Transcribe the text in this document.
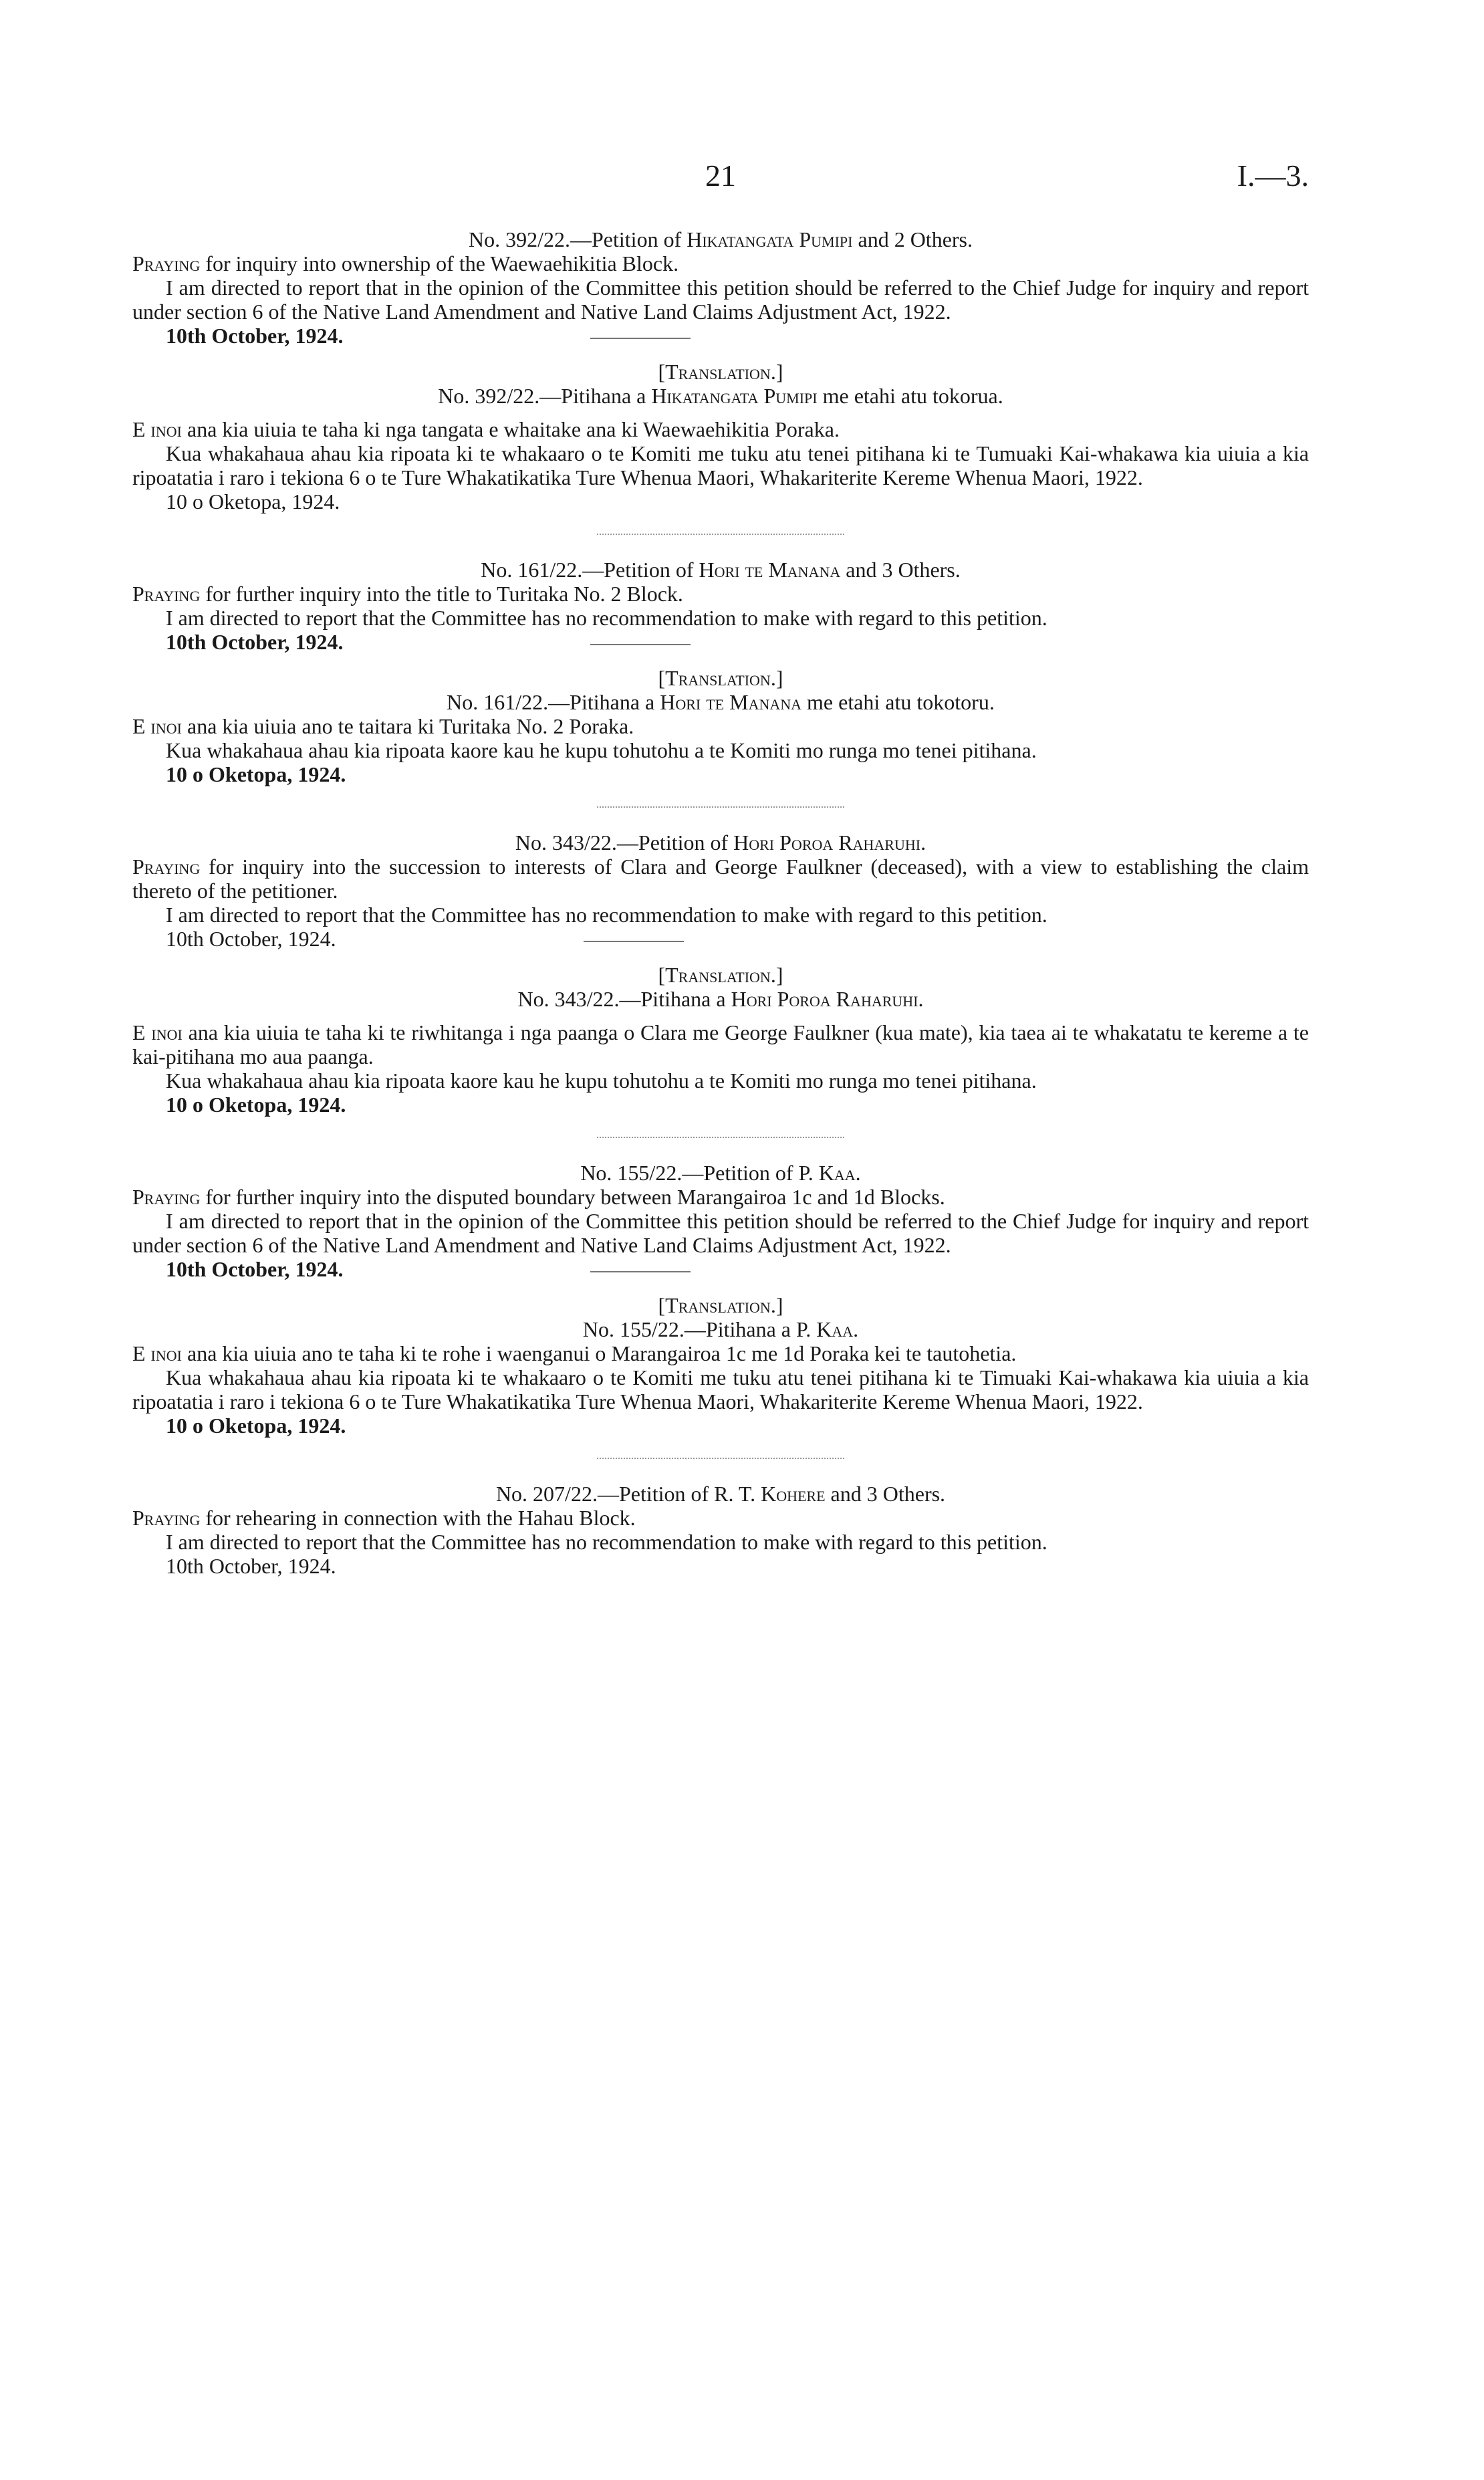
21	I.—3.

No. 392/22.—Petition of Hikatangata Pumipi and 2 Others.

Praying for inquiry into ownership of the Waewaehikitia Block.

I am directed to report that in the opinion of the Committee this petition should be referred to the Chief Judge for inquiry and report under section 6 of the Native Land Amendment and Native Land Claims Adjustment Act, 1922.

10th October, 1924.

[Translation.]

No. 392/22.—Pitihana a Hikatangata Pumipi me etahi atu tokorua.

E inoi ana kia uiuia te taha ki nga tangata e whaitake ana ki Waewaehikitia Poraka.

Kua whakahaua ahau kia ripoata ki te whakaaro o te Komiti me tuku atu tenei pitihana ki te Tumuaki Kai-whakawa kia uiuia a kia ripoatatia i raro i tekiona 6 o te Ture Whakatikatika Ture Whenua Maori, Whakariterite Kereme Whenua Maori, 1922.

10 o Oketopa, 1924.

No. 161/22.—Petition of Hori te Manana and 3 Others.

Praying for further inquiry into the title to Turitaka No. 2 Block.

I am directed to report that the Committee has no recommendation to make with regard to this petition.

10th October, 1924.

[Translation.]

No. 161/22.—Pitihana a Hori te Manana me etahi atu tokotoru.

E inoi ana kia uiuia ano te taitara ki Turitaka No. 2 Poraka.

Kua whakahaua ahau kia ripoata kaore kau he kupu tohutohu a te Komiti mo runga mo tenei pitihana.

10 o Oketopa, 1924.

No. 343/22.—Petition of Hori Poroa Raharuhi.

Praying for inquiry into the succession to interests of Clara and George Faulkner (deceased), with a view to establishing the claim thereto of the petitioner.

I am directed to report that the Committee has no recommendation to make with regard to this petition.

10th October, 1924.

[Translation.]

No. 343/22.—Pitihana a Hori Poroa Raharuhi.

E inoi ana kia uiuia te taha ki te riwhitanga i nga paanga o Clara me George Faulkner (kua mate), kia taea ai te whakatatu te kereme a te kai-pitihana mo aua paanga.

Kua whakahaua ahau kia ripoata kaore kau he kupu tohutohu a te Komiti mo runga mo tenei pitihana.

10 o Oketopa, 1924.

No. 155/22.—Petition of P. Kaa.

Praying for further inquiry into the disputed boundary between Marangairoa 1c and 1d Blocks.

I am directed to report that in the opinion of the Committee this petition should be referred to the Chief Judge for inquiry and report under section 6 of the Native Land Amendment and Native Land Claims Adjustment Act, 1922.

10th October, 1924.

[Translation.]

No. 155/22.—Pitihana a P. Kaa.

E inoi ana kia uiuia ano te taha ki te rohe i waenganui o Marangairoa 1c me 1d Poraka kei te tautohetia.

Kua whakahaua ahau kia ripoata ki te whakaaro o te Komiti me tuku atu tenei pitihana ki te Timuaki Kai-whakawa kia uiuia a kia ripoatatia i raro i tekiona 6 o te Ture Whakatikatika Ture Whenua Maori, Whakariterite Kereme Whenua Maori, 1922.

10 o Oketopa, 1924.

No. 207/22.—Petition of R. T. Kohere and 3 Others.

Praying for rehearing in connection with the Hahau Block.

I am directed to report that the Committee has no recommendation to make with regard to this petition.

10th October, 1924.
